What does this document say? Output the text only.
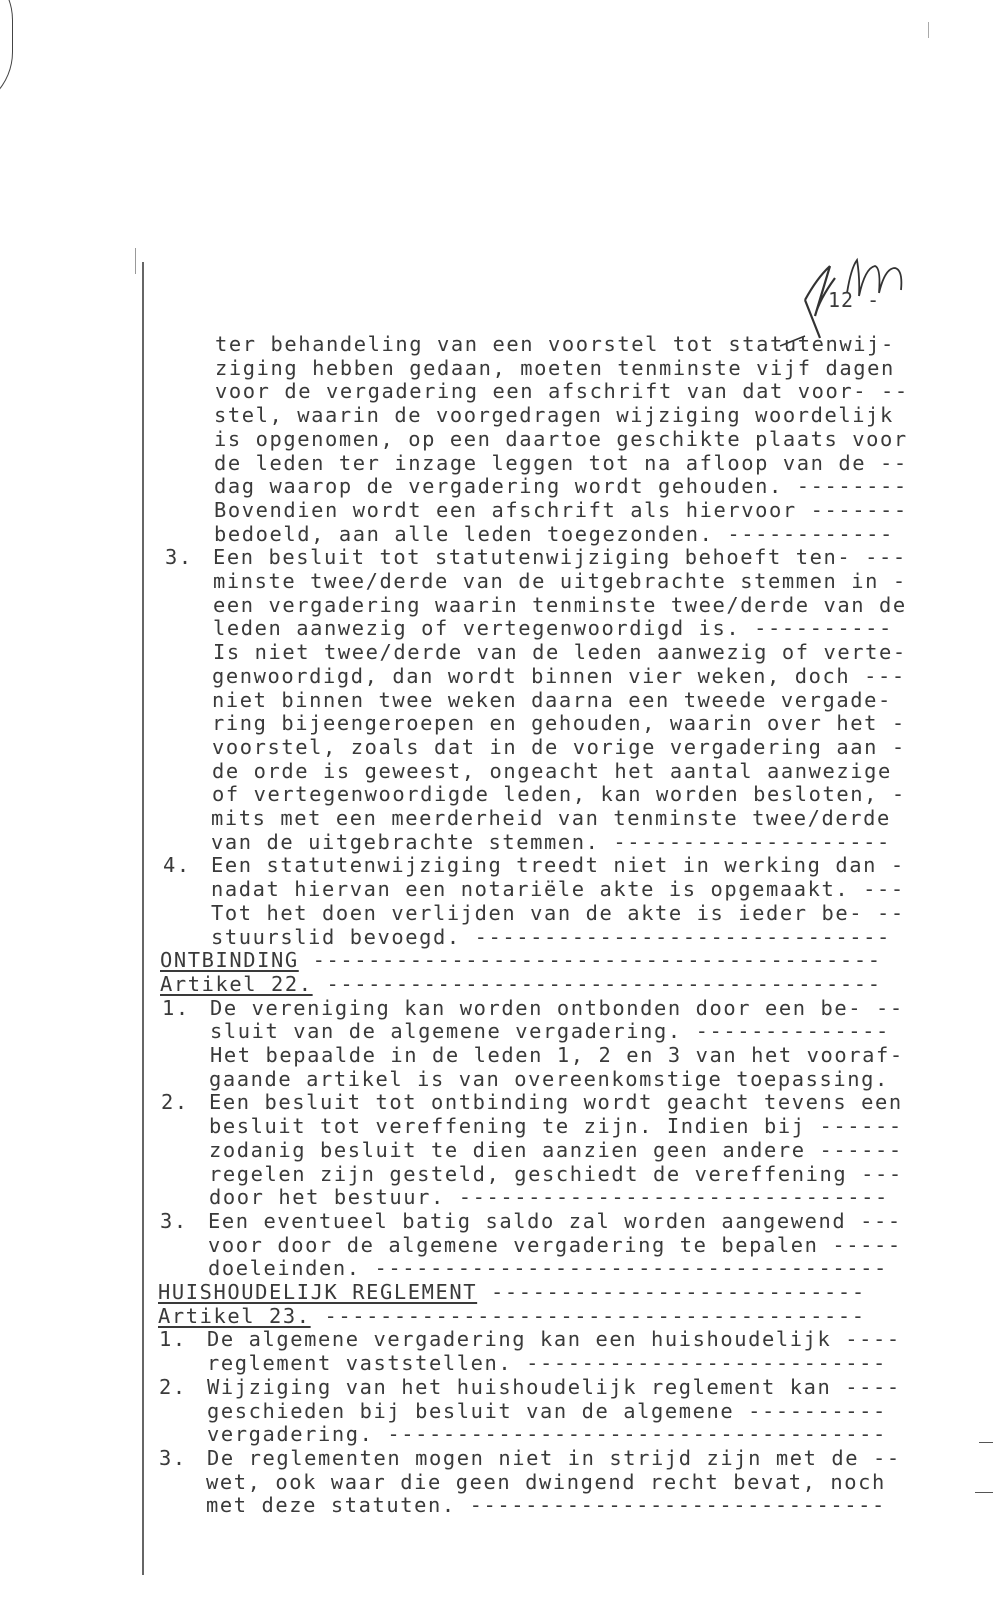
12 -
ter behandeling van een voorstel tot statutenwij-
ziging hebben gedaan, moeten tenminste vijf dagen
voor de vergadering een afschrift van dat voor- --
stel, waarin de voorgedragen wijziging woordelijk
is opgenomen, op een daartoe geschikte plaats voor
de leden ter inzage leggen tot na afloop van de --
dag waarop de vergadering wordt gehouden. --------
Bovendien wordt een afschrift als hiervoor -------
bedoeld, aan alle leden toegezonden. ------------
3. Een besluit tot statutenwijziging behoeft ten- ---
minste twee/derde van de uitgebrachte stemmen in -
een vergadering waarin tenminste twee/derde van de
leden aanwezig of vertegenwoordigd is. ----------
Is niet twee/derde van de leden aanwezig of verte-
genwoordigd, dan wordt binnen vier weken, doch ---
niet binnen twee weken daarna een tweede vergade-
ring bijeengeroepen en gehouden, waarin over het -
voorstel, zoals dat in de vorige vergadering aan -
de orde is geweest, ongeacht het aantal aanwezige
of vertegenwoordigde leden, kan worden besloten, -
mits met een meerderheid van tenminste twee/derde
van de uitgebrachte stemmen. --------------------
4. Een statutenwijziging treedt niet in werking dan -
nadat hiervan een notariële akte is opgemaakt. ---
Tot het doen verlijden van de akte is ieder be- --
stuurslid bevoegd. ------------------------------
ONTBINDING -----------------------------------------
Artikel 22. ----------------------------------------
1. De vereniging kan worden ontbonden door een be- --
sluit van de algemene vergadering. --------------
Het bepaalde in de leden 1, 2 en 3 van het vooraf-
gaande artikel is van overeenkomstige toepassing.
2. Een besluit tot ontbinding wordt geacht tevens een
besluit tot vereffening te zijn. Indien bij ------
zodanig besluit te dien aanzien geen andere ------
regelen zijn gesteld, geschiedt de vereffening ---
door het bestuur. -------------------------------
3. Een eventueel batig saldo zal worden aangewend ---
voor door de algemene vergadering te bepalen -----
doeleinden. -------------------------------------
HUISHOUDELIJK REGLEMENT ---------------------------
Artikel 23. ---------------------------------------
1. De algemene vergadering kan een huishoudelijk ----
reglement vaststellen. --------------------------
2. Wijziging van het huishoudelijk reglement kan ----
geschieden bij besluit van de algemene ----------
vergadering. ------------------------------------
3. De reglementen mogen niet in strijd zijn met de --
wet, ook waar die geen dwingend recht bevat, noch
met deze statuten. ------------------------------
